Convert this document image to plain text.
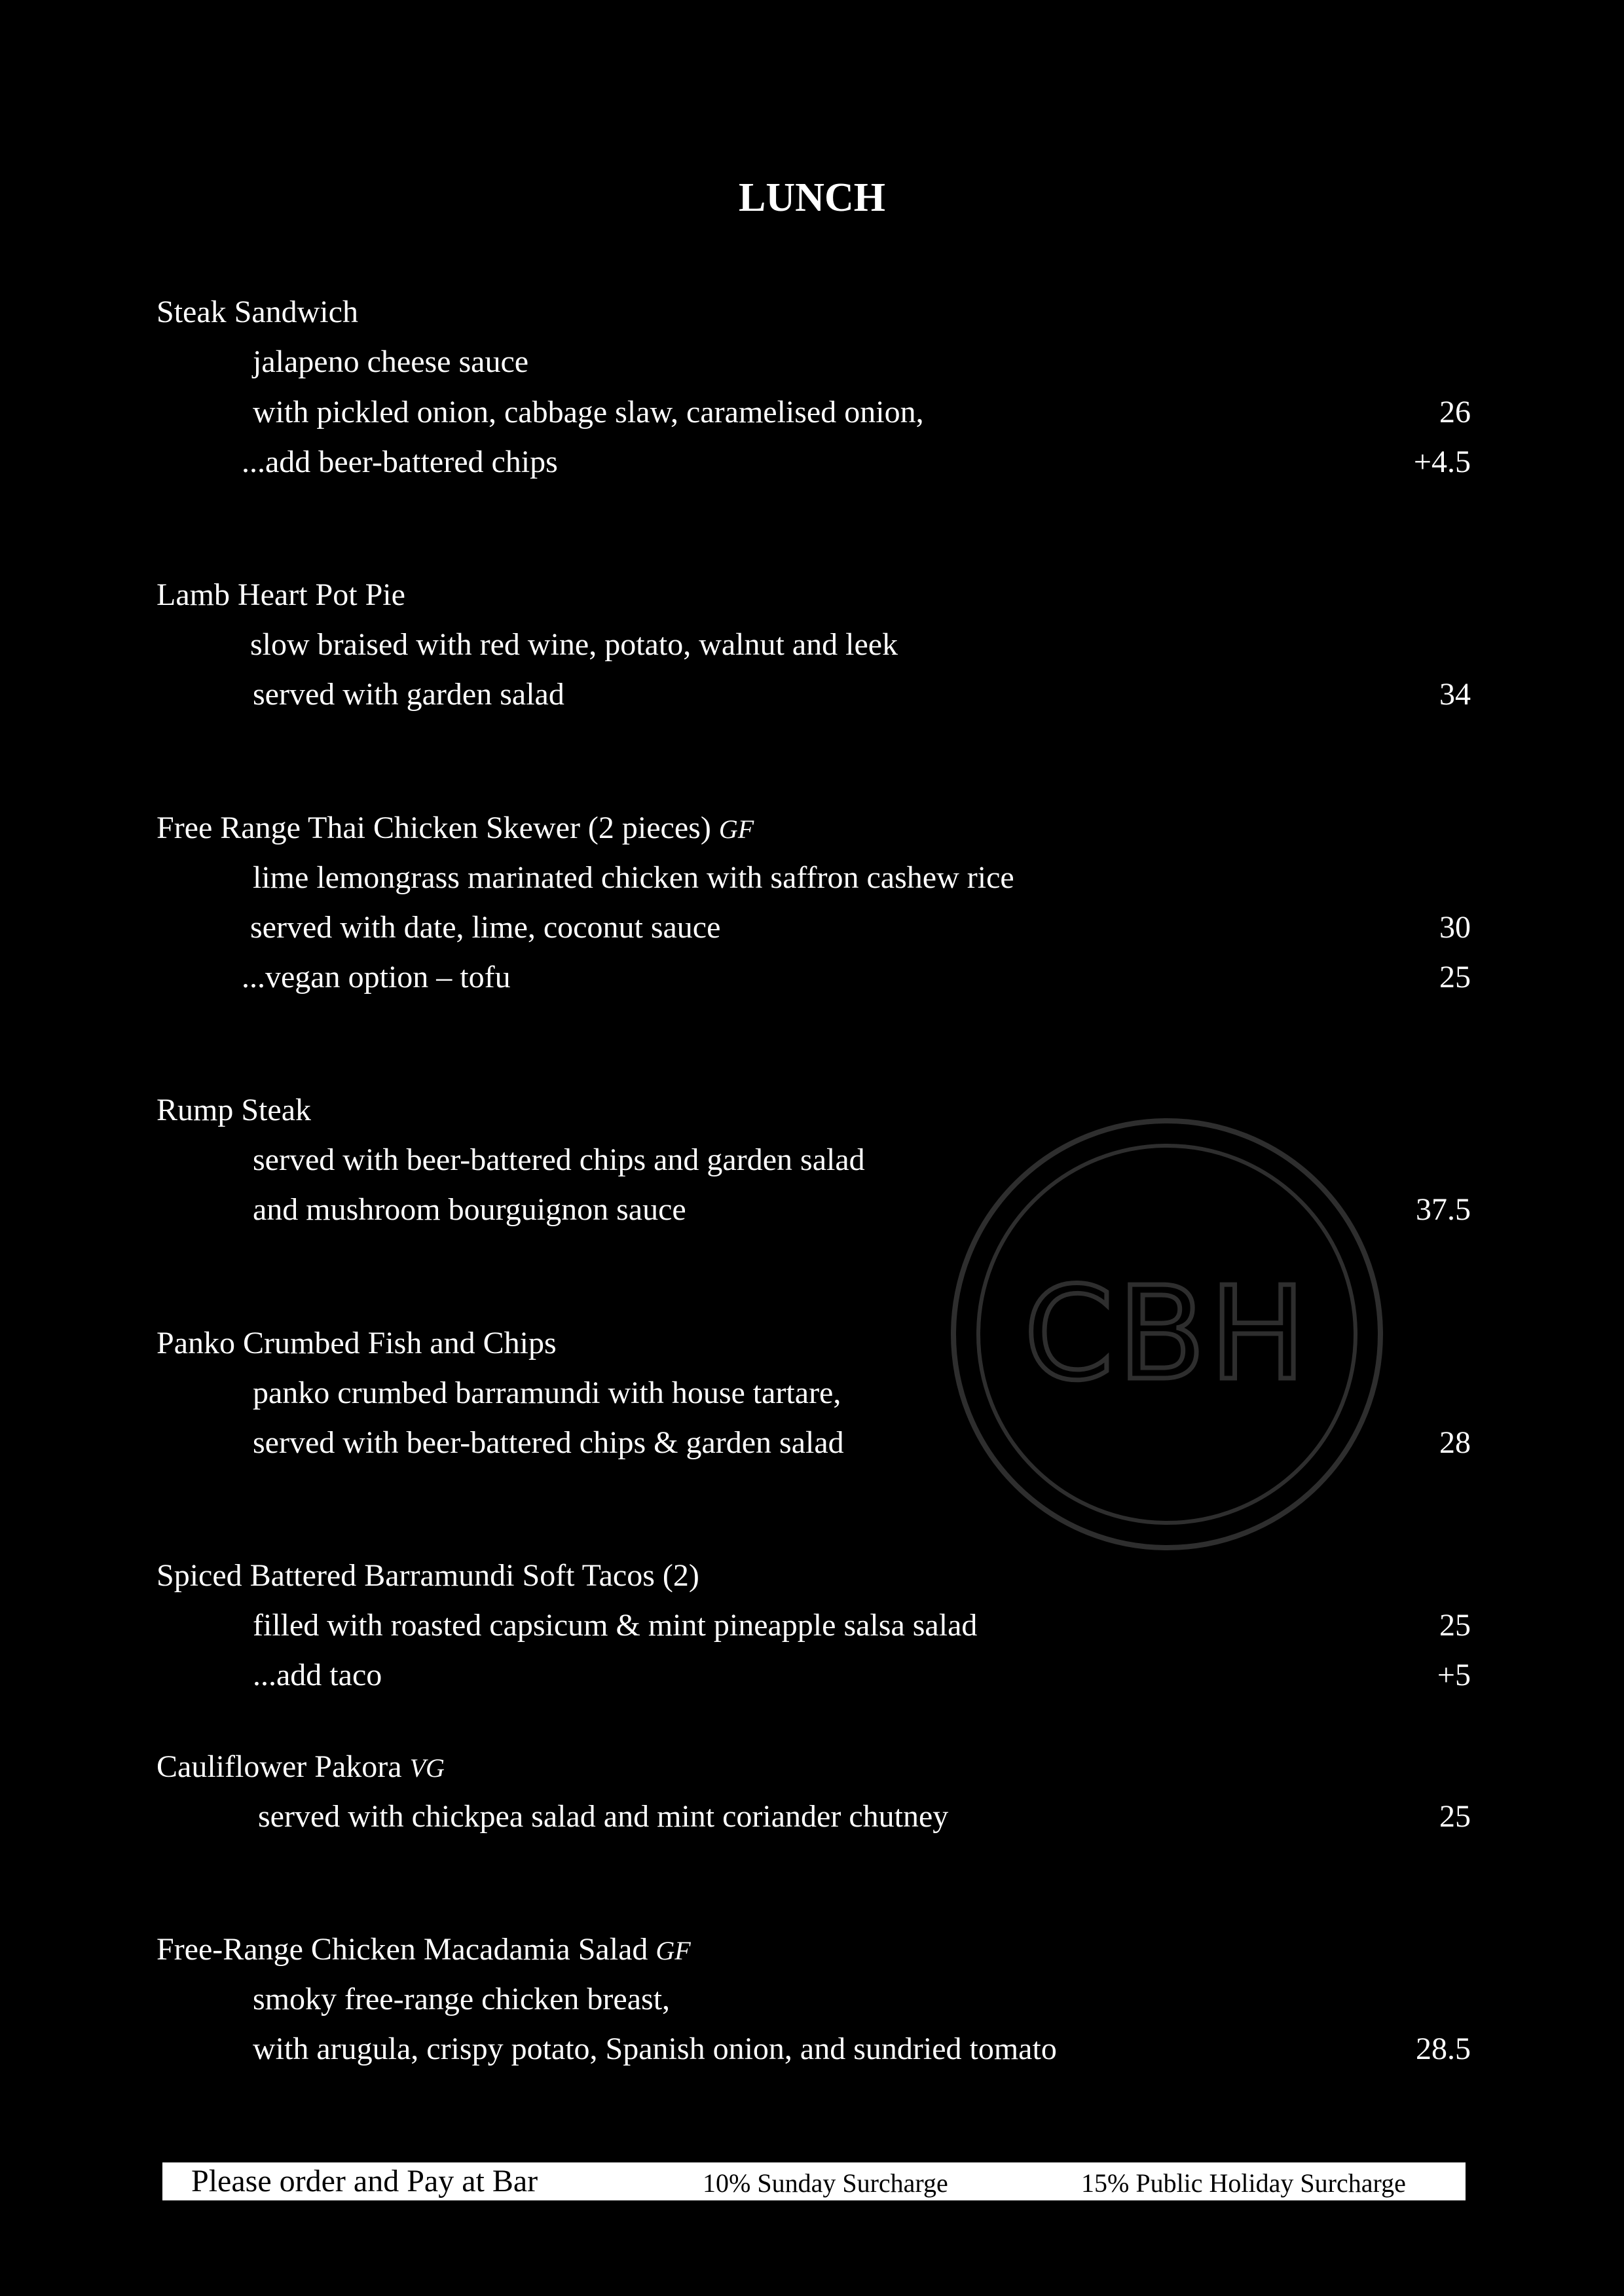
LUNCH
CBH
Steak Sandwich
jalapeno cheese sauce
with pickled onion, cabbage slaw, caramelised onion,	26
...add beer-battered chips	+4.5
Lamb Heart Pot Pie
slow braised with red wine, potato, walnut and leek
served with garden salad	34
Free Range Thai Chicken Skewer (2 pieces) GF
lime lemongrass marinated chicken with saffron cashew rice
served with date, lime, coconut sauce	30
...vegan option – tofu	25
Rump Steak
served with beer-battered chips and garden salad
and mushroom bourguignon sauce	37.5
Panko Crumbed Fish and Chips
panko crumbed barramundi with house tartare,
served with beer-battered chips & garden salad	28
Spiced Battered Barramundi Soft Tacos (2)
filled with roasted capsicum & mint pineapple salsa salad	25
...add taco	+5
Cauliflower Pakora VG
served with chickpea salad and mint coriander chutney	25
Free-Range Chicken Macadamia Salad GF
smoky free-range chicken breast,
with arugula, crispy potato, Spanish onion, and sundried tomato	28.5
Please order and Pay at Bar	10% Sunday Surcharge	15% Public Holiday Surcharge
